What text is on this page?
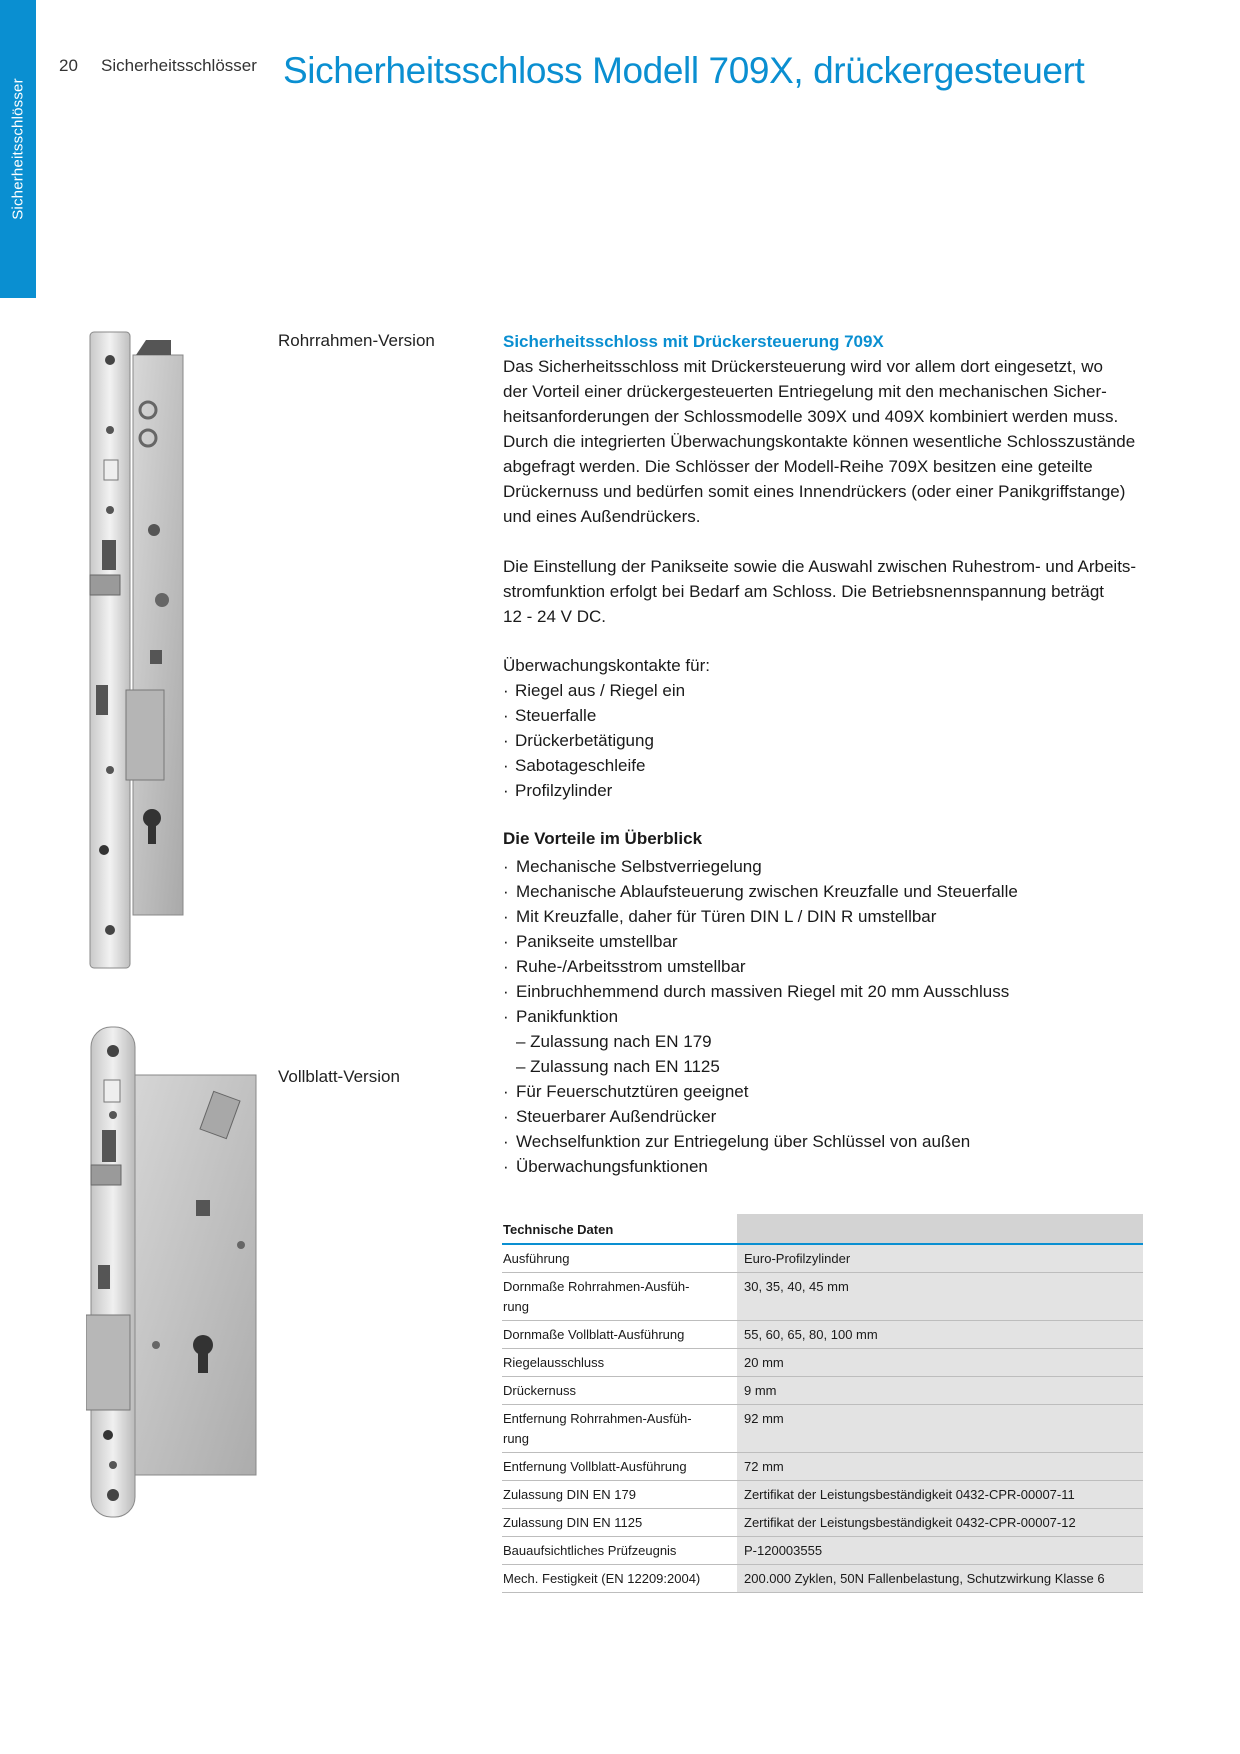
Sicherheitsschlösser
20 Sicherheitsschlösser Sicherheitsschloss Modell 709X, drückergesteuert
Rohrrahmen-Version
Vollblatt-Version

Sicherheitsschloss mit Drückersteuerung 709X

Das Sicherheitsschloss mit Drückersteuerung wird vor allem dort eingesetzt, wo

der Vorteil einer drückergesteuerten Entriegelung mit den mechanischen Sicher-

heitsanforderungen der Schlossmodelle 309X und 409X kombiniert werden muss.

Durch die integrierten Überwachungskontakte können wesentliche Schlosszustände

abgefragt werden. Die Schlösser der Modell-Reihe 709X besitzen eine geteilte

Drückernuss und bedürfen somit eines Innendrückers (oder einer Panikgriffstange)

und eines Außendrückers.

Die Einstellung der Panikseite sowie die Auswahl zwischen Ruhestrom- und Arbeits-

stromfunktion erfolgt bei Bedarf am Schloss. Die Betriebsnennspannung beträgt

12 - 24 V DC.

Überwachungskontakte für:

· Riegel aus / Riegel ein
· Steuerfalle
· Drückerbetätigung
· Sabotageschleife
· Profilzylinder

Die Vorteile im Überblick

· Mechanische Selbstverriegelung
· Mechanische Ablaufsteuerung zwischen Kreuzfalle und Steuerfalle
· Mit Kreuzfalle, daher für Türen DIN L / DIN R umstellbar
· Panikseite umstellbar
· Ruhe-/Arbeitsstrom umstellbar
· Einbruchhemmend durch massiven Riegel mit 20 mm Ausschluss
· Panikfunktion

– Zulassung nach EN 179

– Zulassung nach EN 1125

· Für Feuerschutztüren geeignet
· Steuerbarer Außendrücker
· Wechselfunktion zur Entriegelung über Schlüssel von außen
· Überwachungsfunktionen
Technische Daten	
Ausführung	Euro-Profilzylinder
Dornmaße Rohrrahmen-Ausfüh-
rung	30, 35, 40, 45 mm
Dornmaße Vollblatt-Ausführung	55, 60, 65, 80, 100 mm
Riegelausschluss	20 mm
Drückernuss	9 mm
Entfernung Rohrrahmen-Ausfüh-
rung	92 mm
Entfernung Vollblatt-Ausführung	72 mm
Zulassung DIN EN 179	Zertifikat der Leistungsbeständigkeit 0432-CPR-00007-11
Zulassung DIN EN 1125	Zertifikat der Leistungsbeständigkeit 0432-CPR-00007-12
Bauaufsichtliches Prüfzeugnis	P-120003555
Mech. Festigkeit (EN 12209:2004)	200.000 Zyklen, 50N Fallenbelastung, Schutzwirkung Klasse 6
